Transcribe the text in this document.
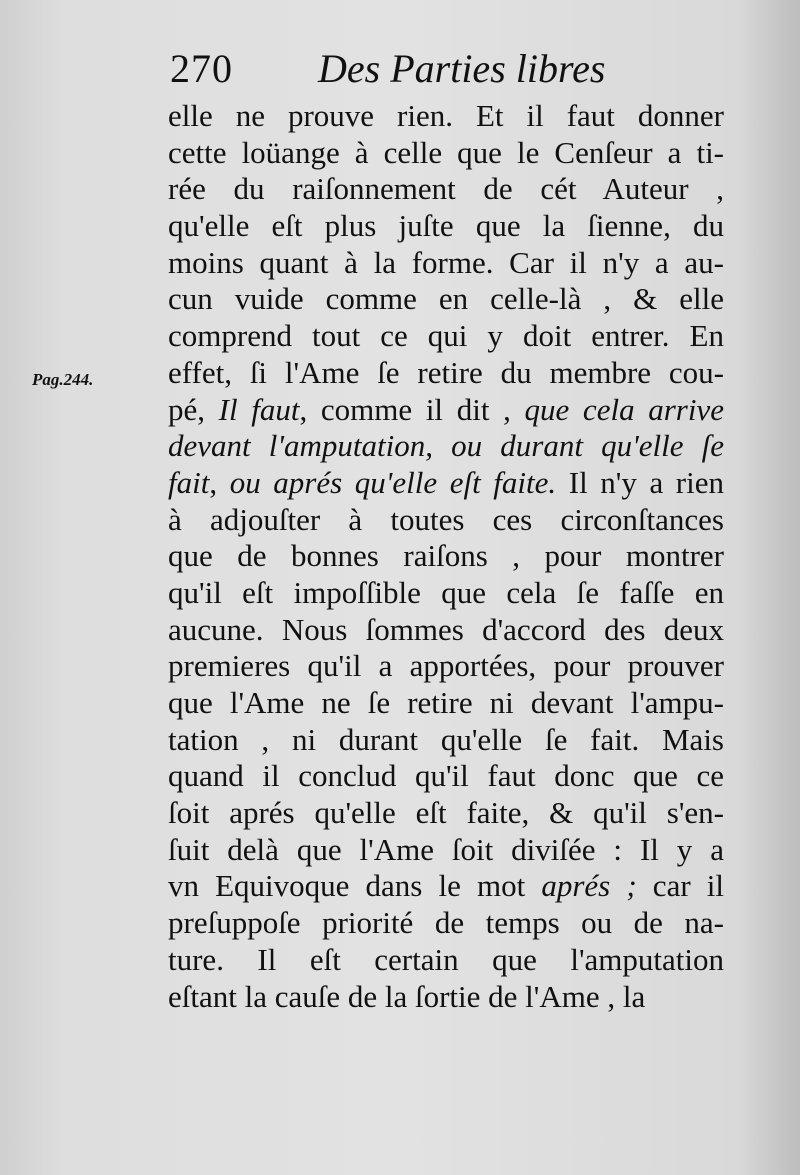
270 Des Parties libres
Pag.244.
elle ne prouve rien. Et il faut donner
cette loüange à celle que le Cenſeur a ti-
rée du raiſonnement de cét Auteur ,
qu'elle eſt plus juſte que la ſienne, du
moins quant à la forme. Car il n'y a au-
cun vuide comme en celle-là , & elle
comprend tout ce qui y doit entrer. En
effet, ſi l'Ame ſe retire du membre cou-
pé, Il faut, comme il dit , que cela arrive
devant l'amputation, ou durant qu'elle ſe
fait, ou aprés qu'elle eſt faite. Il n'y a rien
à adjouſter à toutes ces circonſtances
que de bonnes raiſons , pour montrer
qu'il eſt impoſſible que cela ſe faſſe en
aucune. Nous ſommes d'accord des deux
premieres qu'il a apportées, pour prouver
que l'Ame ne ſe retire ni devant l'ampu-
tation , ni durant qu'elle ſe fait. Mais
quand il conclud qu'il faut donc que ce
ſoit aprés qu'elle eſt faite, & qu'il s'en-
ſuit delà que l'Ame ſoit diviſée : Il y a
vn Equivoque dans le mot aprés ; car il
preſuppoſe priorité de temps ou de na-
ture. Il eſt certain que l'amputation
eſtant la cauſe de la ſortie de l'Ame , la
